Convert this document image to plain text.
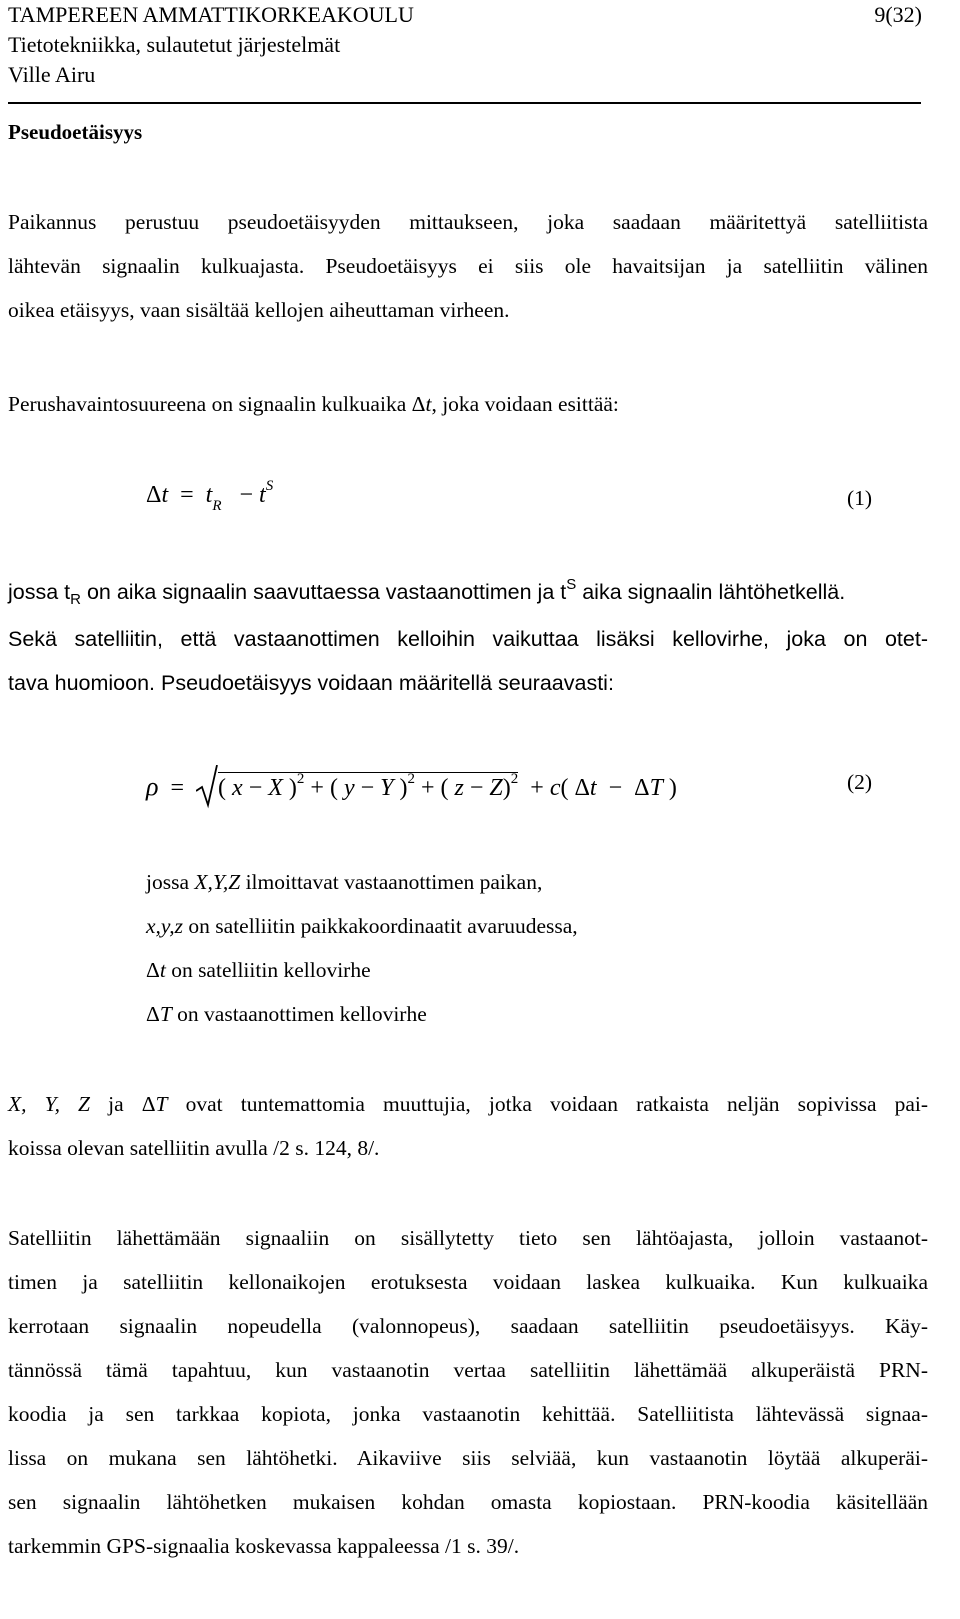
TAMPEREEN AMMATTIKORKEAKOULU
Tietotekniikka, sulautetut järjestelmät
Ville Airu
9(32)
Pseudoetäisyys
Paikannus perustuu pseudoetäisyyden mittaukseen, joka saadaan määritettyä satelliitista
lähtevän signaalin kulkuajasta. Pseudoetäisyys ei siis ole havaitsijan ja satelliitin välinen
oikea etäisyys, vaan sisältää kellojen aiheuttaman virheen.
Perushavaintosuureena on signaalin kulkuaika Δt, joka voidaan esittää:
$\Delta t = t_R - t^S$	(1)
jossa $t_R$ on aika signaalin saavuttaessa vastaanottimen ja $t^S$ aika signaalin lähtöhetkellä.
Sekä satelliitin, että vastaanottimen kelloihin vaikuttaa lisäksi kellovirhe, joka on otet-
tava huomioon. Pseudoetäisyys voidaan määritellä seuraavasti:
ρ  =  ( x − X )$^2$ + ( y − Y )$^2$ + ( z − Z)$^2$  + c( Δt  −  ΔT )	(2)
jossa X,Y,Z ilmoittavat vastaanottimen paikan,
x,y,z on satelliitin paikkakoordinaatit avaruudessa,
Δt on satelliitin kellovirhe
ΔT on vastaanottimen kellovirhe
X, Y, Z ja ΔT ovat tuntemattomia muuttujia, jotka voidaan ratkaista neljän sopivissa pai-
koissa olevan satelliitin avulla /2 s. 124, 8/.
Satelliitin lähettämään signaaliin on sisällytetty tieto sen lähtöajasta, jolloin vastaanot-
timen ja satelliitin kellonaikojen erotuksesta voidaan laskea kulkuaika. Kun kulkuaika
kerrotaan signaalin nopeudella (valonnopeus), saadaan satelliitin pseudoetäisyys. Käy-
tännössä tämä tapahtuu, kun vastaanotin vertaa satelliitin lähettämää alkuperäistä PRN-
koodia ja sen tarkkaa kopiota, jonka vastaanotin kehittää. Satelliitista lähtevässä signaa-
lissa on mukana sen lähtöhetki. Aikaviive siis selviää, kun vastaanotin löytää alkuperäi-
sen signaalin lähtöhetken mukaisen kohdan omasta kopiostaan. PRN-koodia käsitellään
tarkemmin GPS-signaalia koskevassa kappaleessa /1 s. 39/.
